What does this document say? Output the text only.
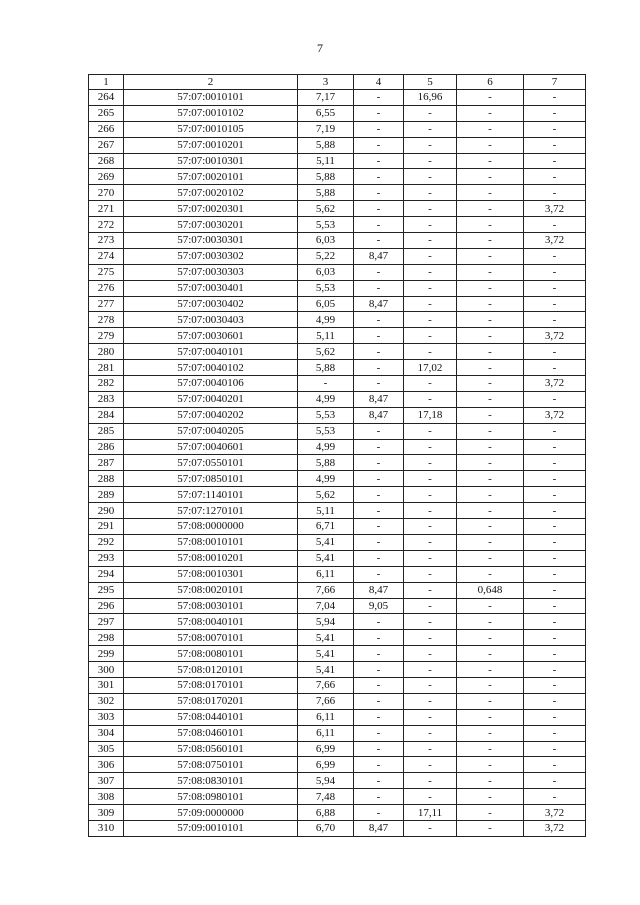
7
1	2	3	4	5	6	7
264	57:07:0010101	7,17	-	16,96	-	-
265	57:07:0010102	6,55	-	-	-	-
266	57:07:0010105	7,19	-	-	-	-
267	57:07:0010201	5,88	-	-	-	-
268	57:07:0010301	5,11	-	-	-	-
269	57:07:0020101	5,88	-	-	-	-
270	57:07:0020102	5,88	-	-	-	-
271	57:07:0020301	5,62	-	-	-	3,72
272	57:07:0030201	5,53	-	-	-	-
273	57:07:0030301	6,03	-	-	-	3,72
274	57:07:0030302	5,22	8,47	-	-	-
275	57:07:0030303	6,03	-	-	-	-
276	57:07:0030401	5,53	-	-	-	-
277	57:07:0030402	6,05	8,47	-	-	-
278	57:07:0030403	4,99	-	-	-	-
279	57:07:0030601	5,11	-	-	-	3,72
280	57:07:0040101	5,62	-	-	-	-
281	57:07:0040102	5,88	-	17,02	-	-
282	57:07:0040106	-	-	-	-	3,72
283	57:07:0040201	4,99	8,47	-	-	-
284	57:07:0040202	5,53	8,47	17,18	-	3,72
285	57:07:0040205	5,53	-	-	-	-
286	57:07:0040601	4,99	-	-	-	-
287	57:07:0550101	5,88	-	-	-	-
288	57:07:0850101	4,99	-	-	-	-
289	57:07:1140101	5,62	-	-	-	-
290	57:07:1270101	5,11	-	-	-	-
291	57:08:0000000	6,71	-	-	-	-
292	57:08:0010101	5,41	-	-	-	-
293	57:08:0010201	5,41	-	-	-	-
294	57:08:0010301	6,11	-	-	-	-
295	57:08:0020101	7,66	8,47	-	0,648	-
296	57:08:0030101	7,04	9,05	-	-	-
297	57:08:0040101	5,94	-	-	-	-
298	57:08:0070101	5,41	-	-	-	-
299	57:08:0080101	5,41	-	-	-	-
300	57:08:0120101	5,41	-	-	-	-
301	57:08:0170101	7,66	-	-	-	-
302	57:08:0170201	7,66	-	-	-	-
303	57:08:0440101	6,11	-	-	-	-
304	57:08:0460101	6,11	-	-	-	-
305	57:08:0560101	6,99	-	-	-	-
306	57:08:0750101	6,99	-	-	-	-
307	57:08:0830101	5,94	-	-	-	-
308	57:08:0980101	7,48	-	-	-	-
309	57:09:0000000	6,88	-	17,11	-	3,72
310	57:09:0010101	6,70	8,47	-	-	3,72
